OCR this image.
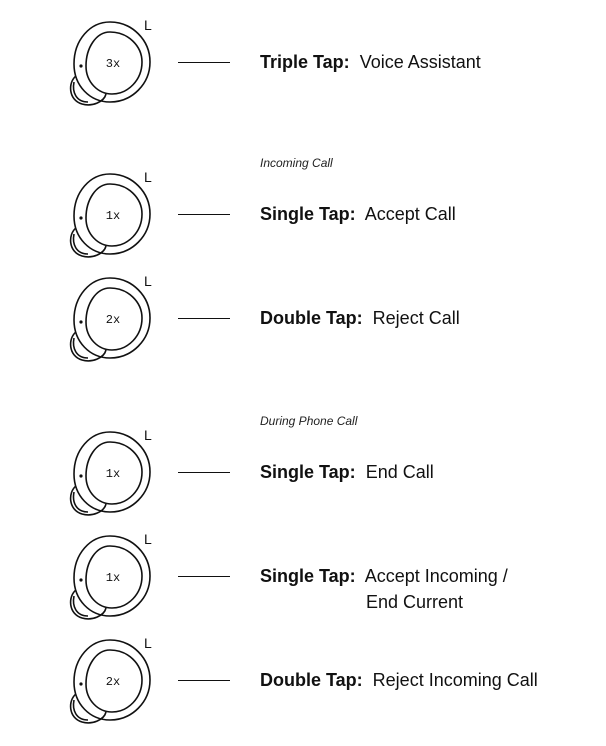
Incoming Call
During Phone Call
L
3x	Triple Tap: Voice Assistant
L
1x	Single Tap: Accept Call
L
2x	Double Tap: Reject Call
L
1x	Single Tap: End Call
L
1x	Single Tap: Accept Incoming /
End Current
L
2x	Double Tap: Reject Incoming Call
